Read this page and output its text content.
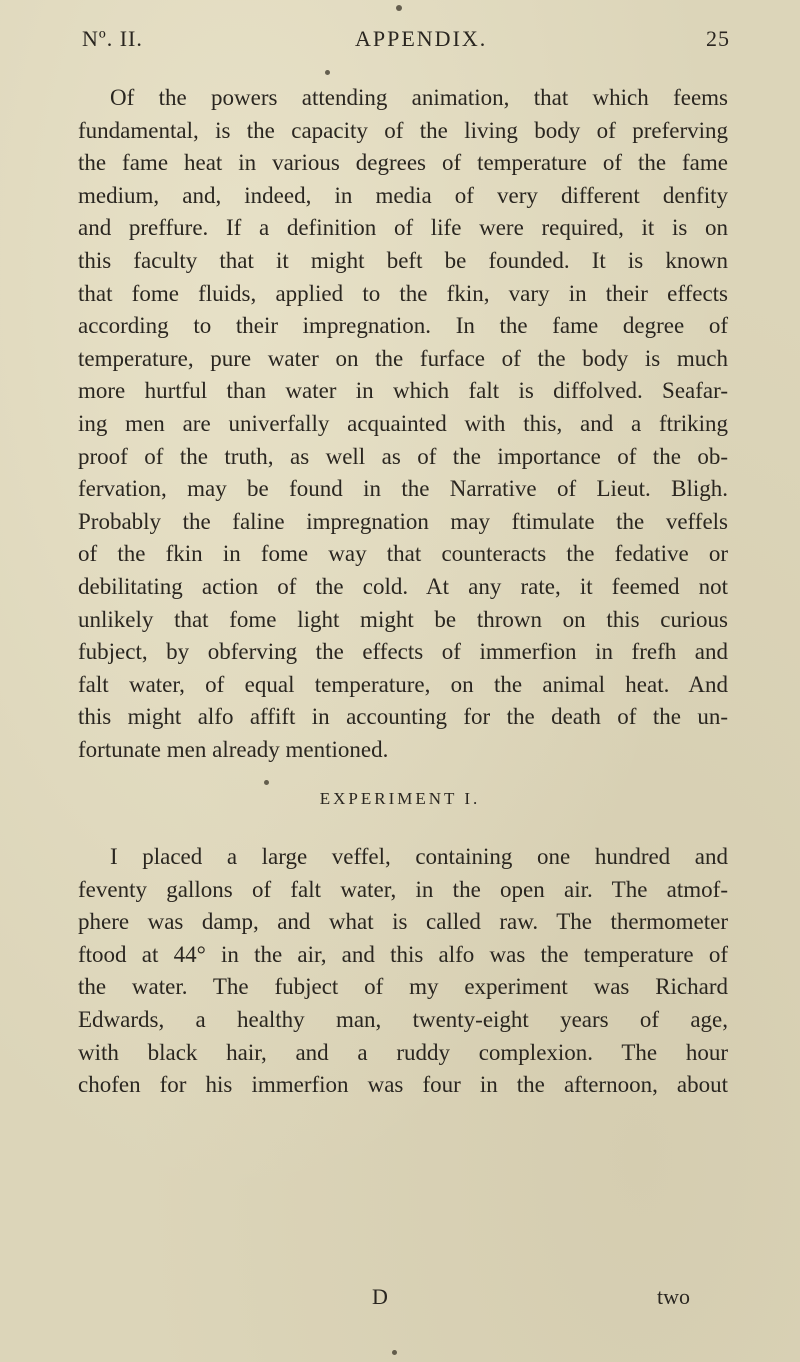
Nº. II.	APPENDIX.	25
Of the powers attending animation, that which feems
fundamental, is the capacity of the living body of preferving
the fame heat in various degrees of temperature of the fame
medium, and, indeed, in media of very different denfity
and preffure. If a definition of life were required, it is on
this faculty that it might beft be founded. It is known
that fome fluids, applied to the fkin, vary in their effects
according to their impregnation. In the fame degree of
temperature, pure water on the furface of the body is much
more hurtful than water in which falt is diffolved. Seafar-
ing men are univerfally acquainted with this, and a ftriking
proof of the truth, as well as of the importance of the ob-
fervation, may be found in the Narrative of Lieut. Bligh.
Probably the faline impregnation may ftimulate the veffels
of the fkin in fome way that counteracts the fedative or
debilitating action of the cold. At any rate, it feemed not
unlikely that fome light might be thrown on this curious
fubject, by obferving the effects of immerfion in frefh and
falt water, of equal temperature, on the animal heat. And
this might alfo affift in accounting for the death of the un-
fortunate men already mentioned.
EXPERIMENT I.
I placed a large veffel, containing one hundred and
feventy gallons of falt water, in the open air. The atmof-
phere was damp, and what is called raw. The thermometer
ftood at 44° in the air, and this alfo was the temperature of
the water. The fubject of my experiment was Richard
Edwards, a healthy man, twenty-eight years of age,
with black hair, and a ruddy complexion. The hour
chofen for his immerfion was four in the afternoon, about
D	two
